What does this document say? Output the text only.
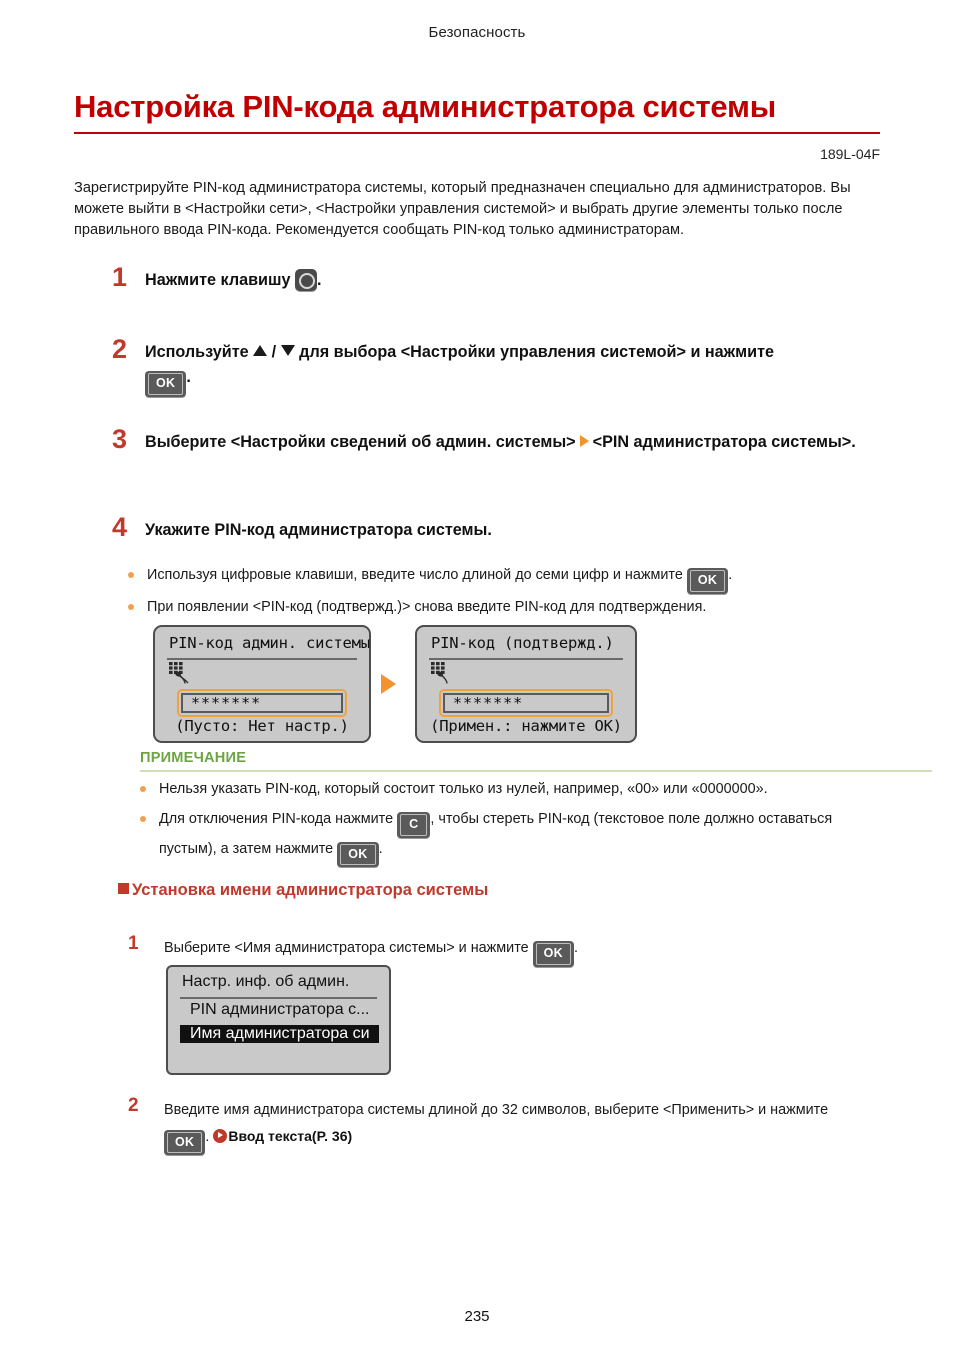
Безопасность
Настройка PIN-кода администратора системы
189L-04F
Зарегистрируйте PIN-код администратора системы, который предназначен специально для администраторов. Вы можете выйти в <Настройки сети>, <Настройки управления системой> и выбрать другие элементы только после правильного ввода PIN-кода. Рекомендуется сообщать PIN-код только администраторам.
1	Нажмите клавишу .
2	Используйте  /  для выбора <Настройки управления системой> и нажмите

OK .
3	Выберите <Настройки сведений об админ. системы> <PIN администратора системы>.
4	Укажите PIN-код администратора системы.
Используя цифровые клавиши, введите число длиной до семи цифр и нажмите	OK .
При появлении <PIN-код (подтвержд.)> снова введите PIN-код для подтверждения.
PIN-код админ. системы
*******
(Пусто: Нет настр.)
PIN-код (подтвержд.)
*******
(Примен.: нажмите OK)
ПРИМЕЧАНИЕ
Нельзя указать PIN-код, который состоит только из нулей, например, «00» или «0000000».
Для отключения PIN-кода нажмите	C , чтобы стереть PIN-код (текстовое поле должно оставаться
пустым), а затем нажмите	OK .
Установка имени администратора системы
1 Выберите <Имя администратора системы> и нажмите OK .
Настр. инф. об админ.
PIN администратора с...
Имя администратора си
2 Введите имя администратора системы длиной до 32 символов, выберите <Применить> и нажмите

OK . Ввод текста(P. 36)
235
